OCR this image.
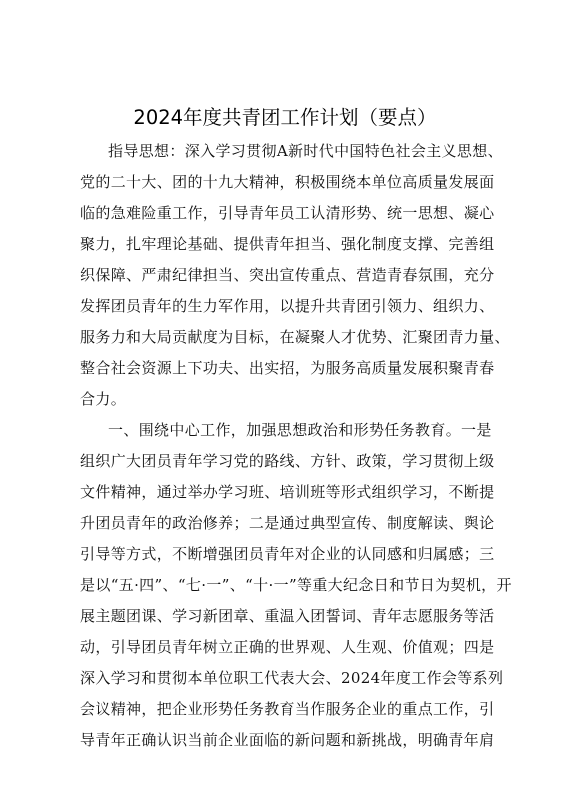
2024年度共青团工作计划（要点）
指导思想：深入学习贯彻A新时代中国特色社会主义思想、
党的二十大、团的十九大精神，积极围绕本单位高质量发展面
临的急难险重工作，引导青年员工认清形势、统一思想、凝心
聚力，扎牢理论基础、提供青年担当、强化制度支撑、完善组
织保障、严肃纪律担当、突出宣传重点、营造青春氛围，充分
发挥团员青年的生力军作用，以提升共青团引领力、组织力、
服务力和大局贡献度为目标，在凝聚人才优势、汇聚团青力量、
整合社会资源上下功夫、出实招，为服务高质量发展积聚青春
合力。
一、围绕中心工作，加强思想政治和形势任务教育。一是
组织广大团员青年学习党的路线、方针、政策，学习贯彻上级
文件精神，通过举办学习班、培训班等形式组织学习，不断提
升团员青年的政治修养；二是通过典型宣传、制度解读、舆论
引导等方式，不断增强团员青年对企业的认同感和归属感；三
是以“五·四”、“七·一”、“十·一”等重大纪念日和节日为契机，开
展主题团课、学习新团章、重温入团誓词、青年志愿服务等活
动，引导团员青年树立正确的世界观、人生观、价值观；四是
深入学习和贯彻本单位职工代表大会、2024年度工作会等系列
会议精神，把企业形势任务教育当作服务企业的重点工作，引
导青年正确认识当前企业面临的新问题和新挑战，明确青年肩
